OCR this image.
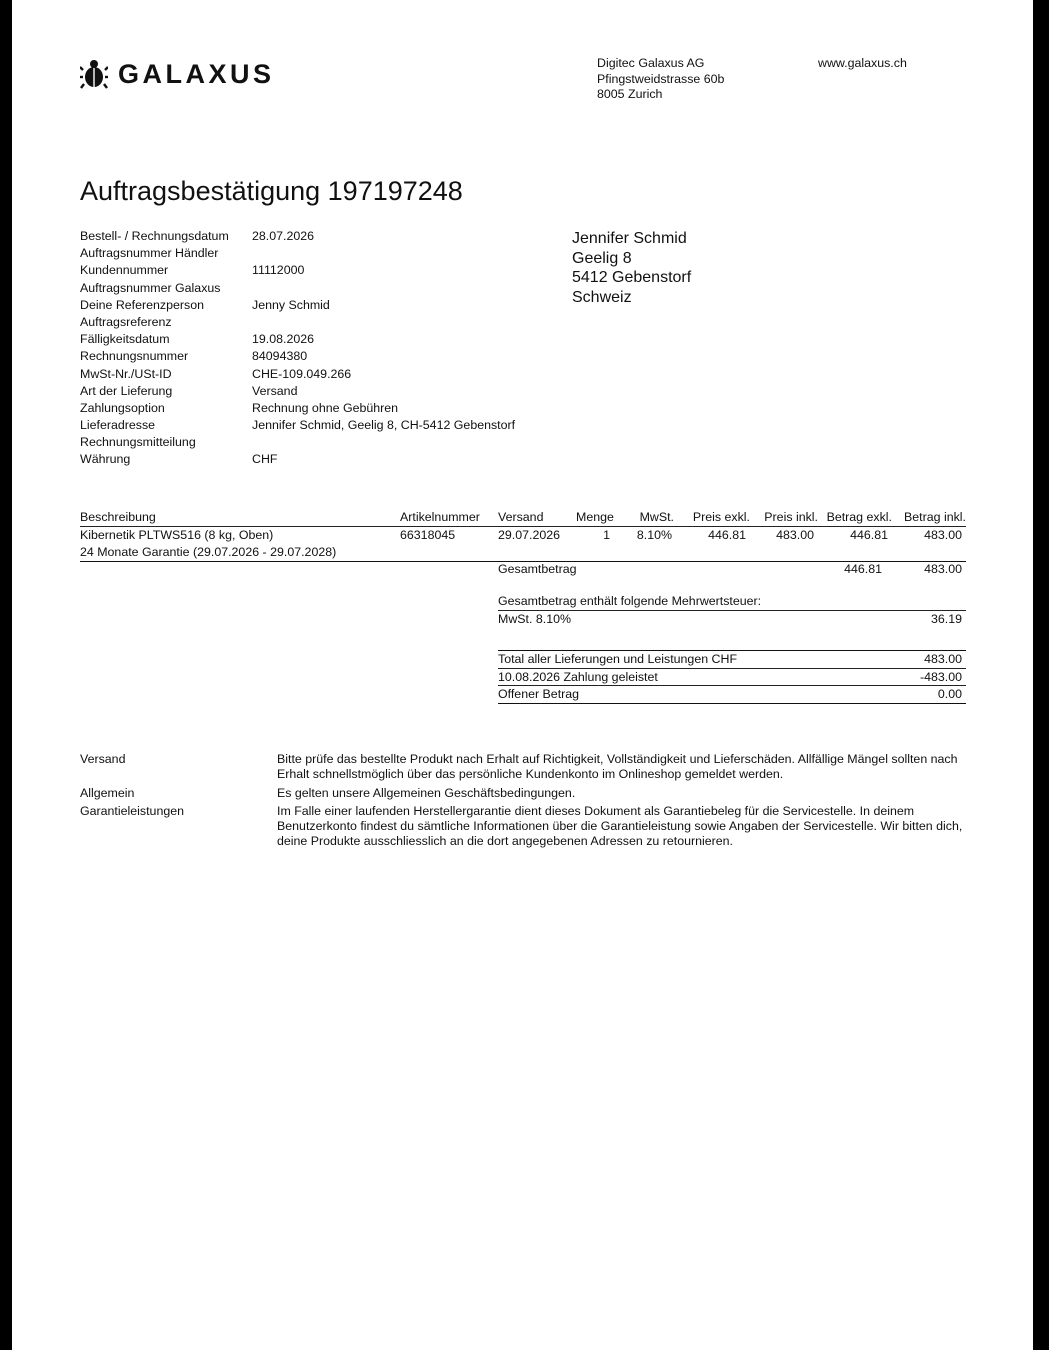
GALAXUS	Digitec Galaxus AG
Pfingstweidstrasse 60b
8005 Zurich
www.galaxus.ch
Auftragsbestätigung 197197248
Bestell- / Rechnungsdatum	28.07.2026
Auftragsnummer Händler
Kundennummer	11112000
Auftragsnummer Galaxus
Deine Referenzperson	Jenny Schmid
Auftragsreferenz
Fälligkeitsdatum	19.08.2026
Rechnungsnummer	84094380
MwSt-Nr./USt-ID	CHE-109.049.266
Art der Lieferung	Versand
Zahlungsoption	Rechnung ohne Gebühren
Lieferadresse	Jennifer Schmid, Geelig 8, CH-5412 Gebenstorf
Rechnungsmitteilung
Währung	CHF
Jennifer Schmid
Geelig 8
5412 Gebenstorf
Schweiz
Beschreibung	Artikelnummer	Versand	Menge	MwSt.	Preis exkl.	Preis inkl.	Betrag exkl.	Betrag inkl.
Kibernetik PLTWS516 (8 kg, Oben)	66318045	29.07.2026	1	8.10%	446.81	483.00	446.81	483.00
24 Monate Garantie (29.07.2026 - 29.07.2028)								
Gesamtbetrag	446.81	483.00
Gesamtbetrag enthält folgende Mehrwertsteuer:
MwSt. 8.10%	36.19
Total aller Lieferungen und Leistungen CHF	483.00
10.08.2026 Zahlung geleistet	-483.00
Offener Betrag	0.00
Versand	Bitte prüfe das bestellte Produkt nach Erhalt auf Richtigkeit, Vollständigkeit und Lieferschäden. Allfällige Mängel sollten nach Erhalt schnellstmöglich über das persönliche Kundenkonto im Onlineshop gemeldet werden.
Allgemein	Es gelten unsere Allgemeinen Geschäftsbedingungen.
Garantieleistungen	Im Falle einer laufenden Herstellergarantie dient dieses Dokument als Garantiebeleg für die Servicestelle. In deinem Benutzerkonto findest du sämtliche Informationen über die Garantieleistung sowie Angaben der Servicestelle. Wir bitten dich, deine Produkte ausschliesslich an die dort angegebenen Adressen zu retournieren.
